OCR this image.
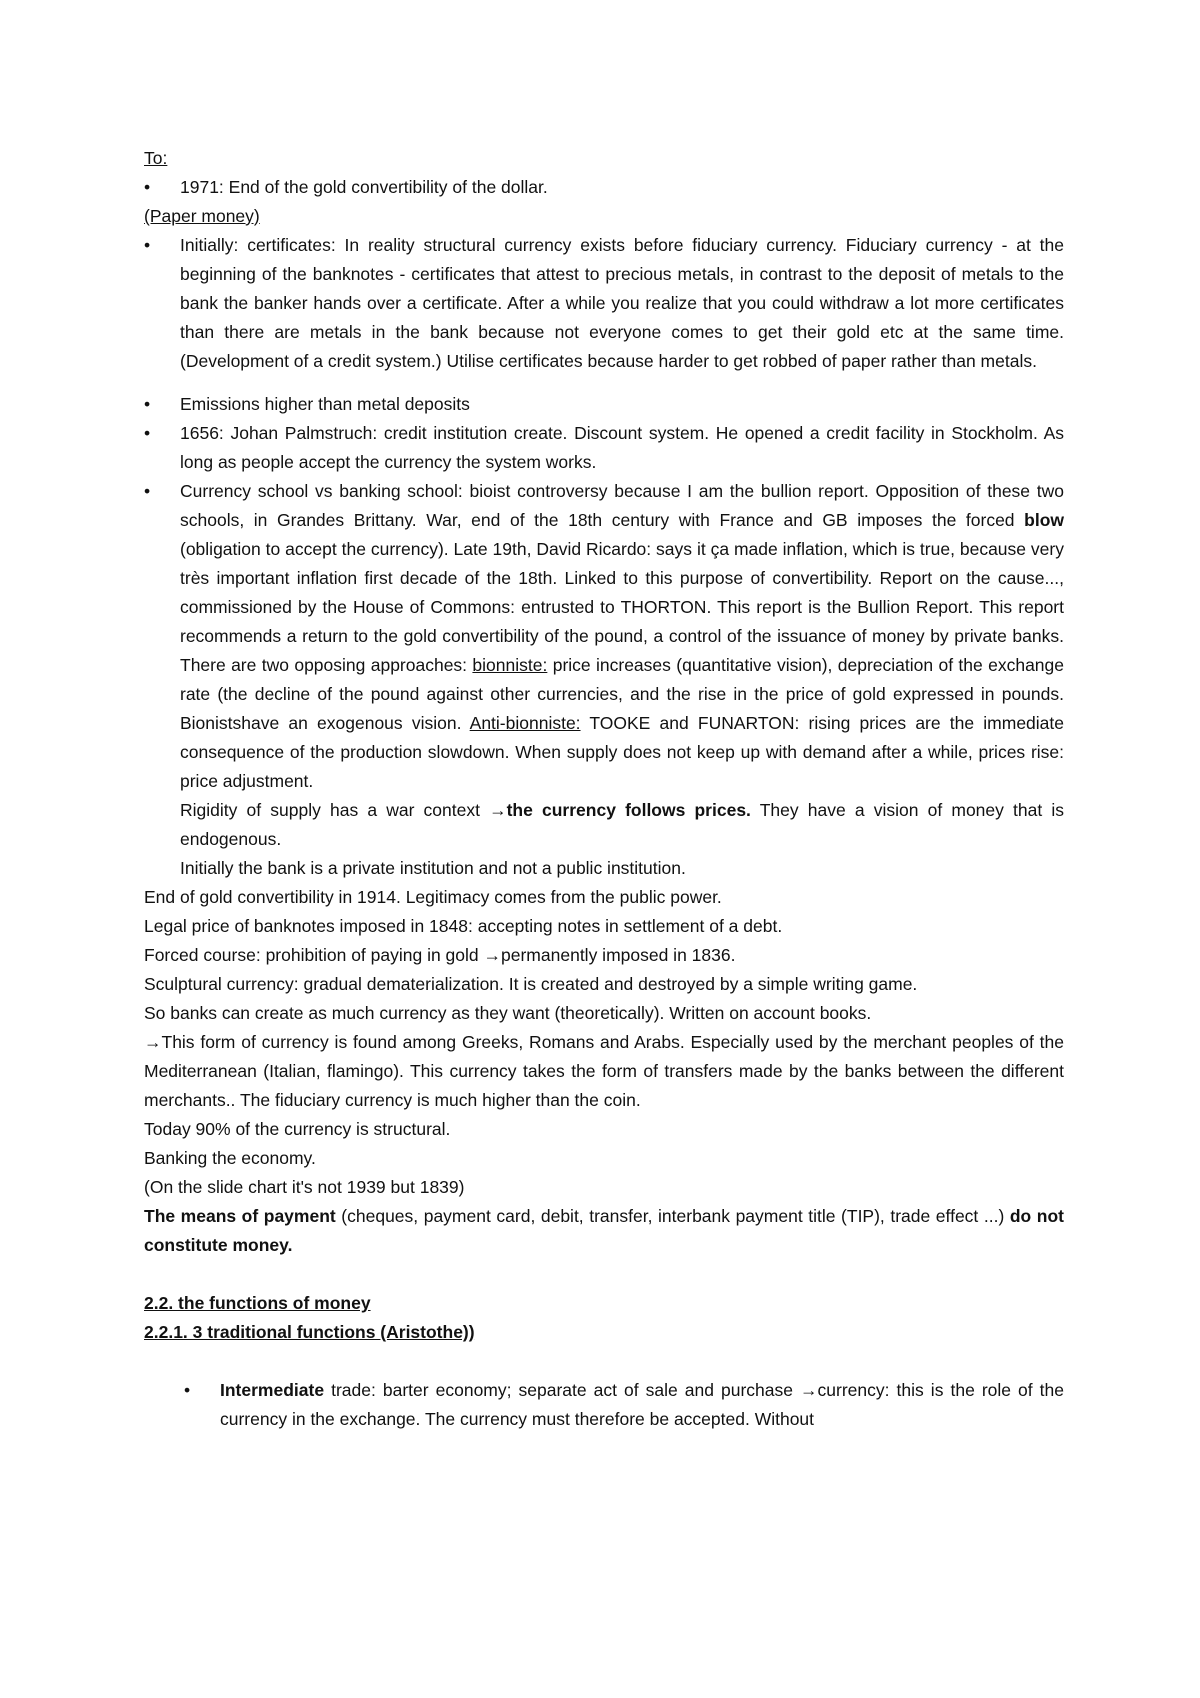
To:

• 1971: End of the gold convertibility of the dollar.

(Paper money)

• Initially: certificates: In reality structural currency exists before fiduciary currency. Fiduciary currency - at the beginning of the banknotes - certificates that attest to precious metals, in contrast to the deposit of metals to the bank the banker hands over a certificate. After a while you realize that you could withdraw a lot more certificates than there are metals in the bank because not everyone comes to get their gold etc at the same time. (Development of a credit system.) Utilise certificates because harder to get robbed of paper rather than metals.

• Emissions higher than metal deposits

• 1656: Johan Palmstruch: credit institution create. Discount system. He opened a credit facility in Stockholm. As long as people accept the currency the system works.

• Currency school vs banking school: bioist controversy because I am the bullion report. Opposition of these two schools, in Grandes Brittany. War, end of the 18th century with France and GB imposes the forced blow (obligation to accept the currency). Late 19th, David Ricardo: says it ça made inflation, which is true, because very très important inflation first decade of the 18th. Linked to this purpose of convertibility. Report on the cause..., commissioned by the House of Commons: entrusted to THORTON. This report is the Bullion Report. This report recommends a return to the gold convertibility of the pound, a control of the issuance of money by private banks. There are two opposing approaches: bionniste: price increases (quantitative vision), depreciation of the exchange rate (the decline of the pound against other currencies, and the rise in the price of gold expressed in pounds. Bionistshave an exogenous vision. Anti-bionniste: TOOKE and FUNARTON: rising prices are the immediate consequence of the production slowdown. When supply does not keep up with demand after a while, prices rise: price adjustment.

Rigidity of supply has a war context →the currency follows prices. They have a vision of money that is endogenous.

Initially the bank is a private institution and not a public institution.

End of gold convertibility in 1914. Legitimacy comes from the public power.

Legal price of banknotes imposed in 1848: accepting notes in settlement of a debt.

Forced course: prohibition of paying in gold →permanently imposed in 1836.

Sculptural currency: gradual dematerialization. It is created and destroyed by a simple writing game.

So banks can create as much currency as they want (theoretically). Written on account books.

→This form of currency is found among Greeks, Romans and Arabs. Especially used by the merchant peoples of the Mediterranean (Italian, flamingo). This currency takes the form of transfers made by the banks between the different merchants.. The fiduciary currency is much higher than the coin.

Today 90% of the currency is structural.

Banking the economy.

(On the slide chart it's not 1939 but 1839)

The means of payment (cheques, payment card, debit, transfer, interbank payment title (TIP), trade effect ...) do not constitute money.

2.2. the functions of money

2.2.1. 3 traditional functions (Aristothe))

• Intermediate trade: barter economy; separate act of sale and purchase →currency: this is the role of the currency in the exchange. The currency must therefore be accepted. Without
